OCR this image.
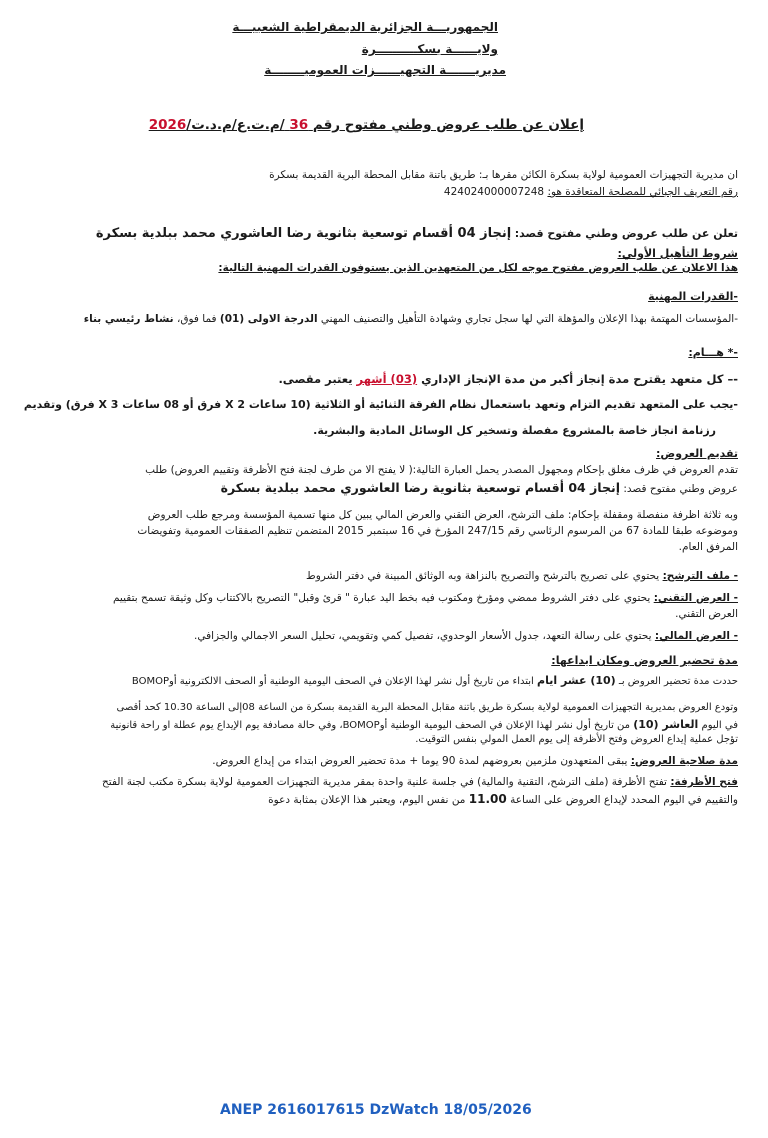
الجمهوريـــة الجزائرية الديمقراطية الشعبيـــة
ولايــــــة بسكــــــــــرة
مديريـــــــة التجهيــــــزات العموميــــــــة
إعلان عن طلب عروض وطني مفتوح رقم 36 /م.ت.ع/م.د.ت/2026
ان مديرية التجهيزات العمومية لولاية بسكرة الكائن مقرها بـ: طريق باتنة مقابل المحطة البرية القديمة بسكرة
رقم التعريف الجبائي للمصلحة المتعاقدة هو: 424024000007248
تعلن عن طلب عروض وطني مفتوح قصد: إنجاز 04 أقسام توسعية بثانوية رضا العاشوري محمد ببلدية بسكرة
شروط التأهيل الأولي:
هذا الاعلان عن طلب العروض مفتوح موجه لكل من المتعهدين الذين يستوفون القدرات المهنية التالية:
-القدرات المهنية
-المؤسسات المهتمة بهذا الإعلان والمؤهلة التي لها سجل تجاري وشهادة التأهيل والتصنيف المهني الدرجة الاولى (01) فما فوق، نشاط رئيسي بناء
-* هـــام:
-– كل متعهد يقترح مدة إنجاز أكبر من مدة الإنجاز الإداري (03) أشهر يعتبر مقصى.
-يجب على المتعهد تقديم التزام وتعهد باستعمال نظام الفرقة الثنائية أو الثلاثية (10 ساعات X 2 فرق أو 08 ساعات X 3 فرق) وتقديم
رزنامة انجاز خاصة بالمشروع مفصلة وتسخير كل الوسائل المادية والبشرية.
تقديم العروض:
تقدم العروض في ظرف مغلق بإحكام ومجهول المصدر يحمل العبارة التالية:( لا يفتح الا من طرف لجنة فتح الأظرفة وتقييم العروض) طلب
عروض وطني مفتوح قصد: إنجاز 04 أقسام توسعية بثانوية رضا العاشوري محمد ببلدية بسكرة
وبه ثلاثة اظرفة منفصلة ومقفلة بإحكام: ملف الترشح، العرض التقني والعرض المالي يبين كل منها تسمية المؤسسة ومرجع طلب العروض
وموضوعه طبقا للمادة 67 من المرسوم الرئاسي رقم 247/15 المؤرخ في 16 سبتمبر 2015 المتضمن تنظيم الصفقات العمومية وتفويضات
المرفق العام.
- ملف الترشح: يحتوي على تصريح بالترشح والتصريح بالنزاهة وبه الوثائق المبينة في دفتر الشروط
- العرض التقني: يحتوي على دفتر الشروط ممضي ومؤرخ ومكتوب فيه بخط اليد عبارة " قرئ وقبل" التصريح بالاكتتاب وكل وثيقة تسمح بتقييم
العرض التقني.
- العرض المالي: يحتوي على رسالة التعهد، جدول الأسعار الوحدوي، تفصيل كمي وتقويمي، تحليل السعر الاجمالي والجزافي.
مدة تحضير العروض ومكان ايداعها:
حددت مدة تحضير العروض بـ (10) عشر ايام ابتداء من تاريخ أول نشر لهذا الإعلان في الصحف اليومية الوطنية أو الصحف الالكترونية أوBOMOP
وتودع العروض بمديرية التجهيزات العمومية لولاية بسكرة طريق باتنة مقابل المحطة البرية القديمة بسكرة من الساعة 08إلى الساعة 10.30 كحد أقصى
في اليوم العاشر (10) من تاريخ أول نشر لهذا الإعلان في الصحف اليومية الوطنية أوBOMOP، وفي حالة مصادفة يوم الإيداع يوم عطلة او راحة قانونية
تؤجل عملية إيداع العروض وفتح الأظرفة إلى يوم العمل المولي بنفس التوقيت.
مدة صلاحية العروض: يبقى المتعهدون ملزمين بعروضهم لمدة 90 يوما + مدة تحضير العروض ابتداء من إيداع العروض.
فتح الأظرفة: تفتح الأظرفة (ملف الترشح، التقنية والمالية) في جلسة علنية واحدة بمقر مديرية التجهيزات العمومية لولاية بسكرة مكتب لجنة الفتح
والتقييم في اليوم المحدد لإيداع العروض على الساعة 11.00 من نفس اليوم، ويعتبر هذا الإعلان بمثابة دعوة
ANEP 2616017615 DzWatch 18/05/2026
